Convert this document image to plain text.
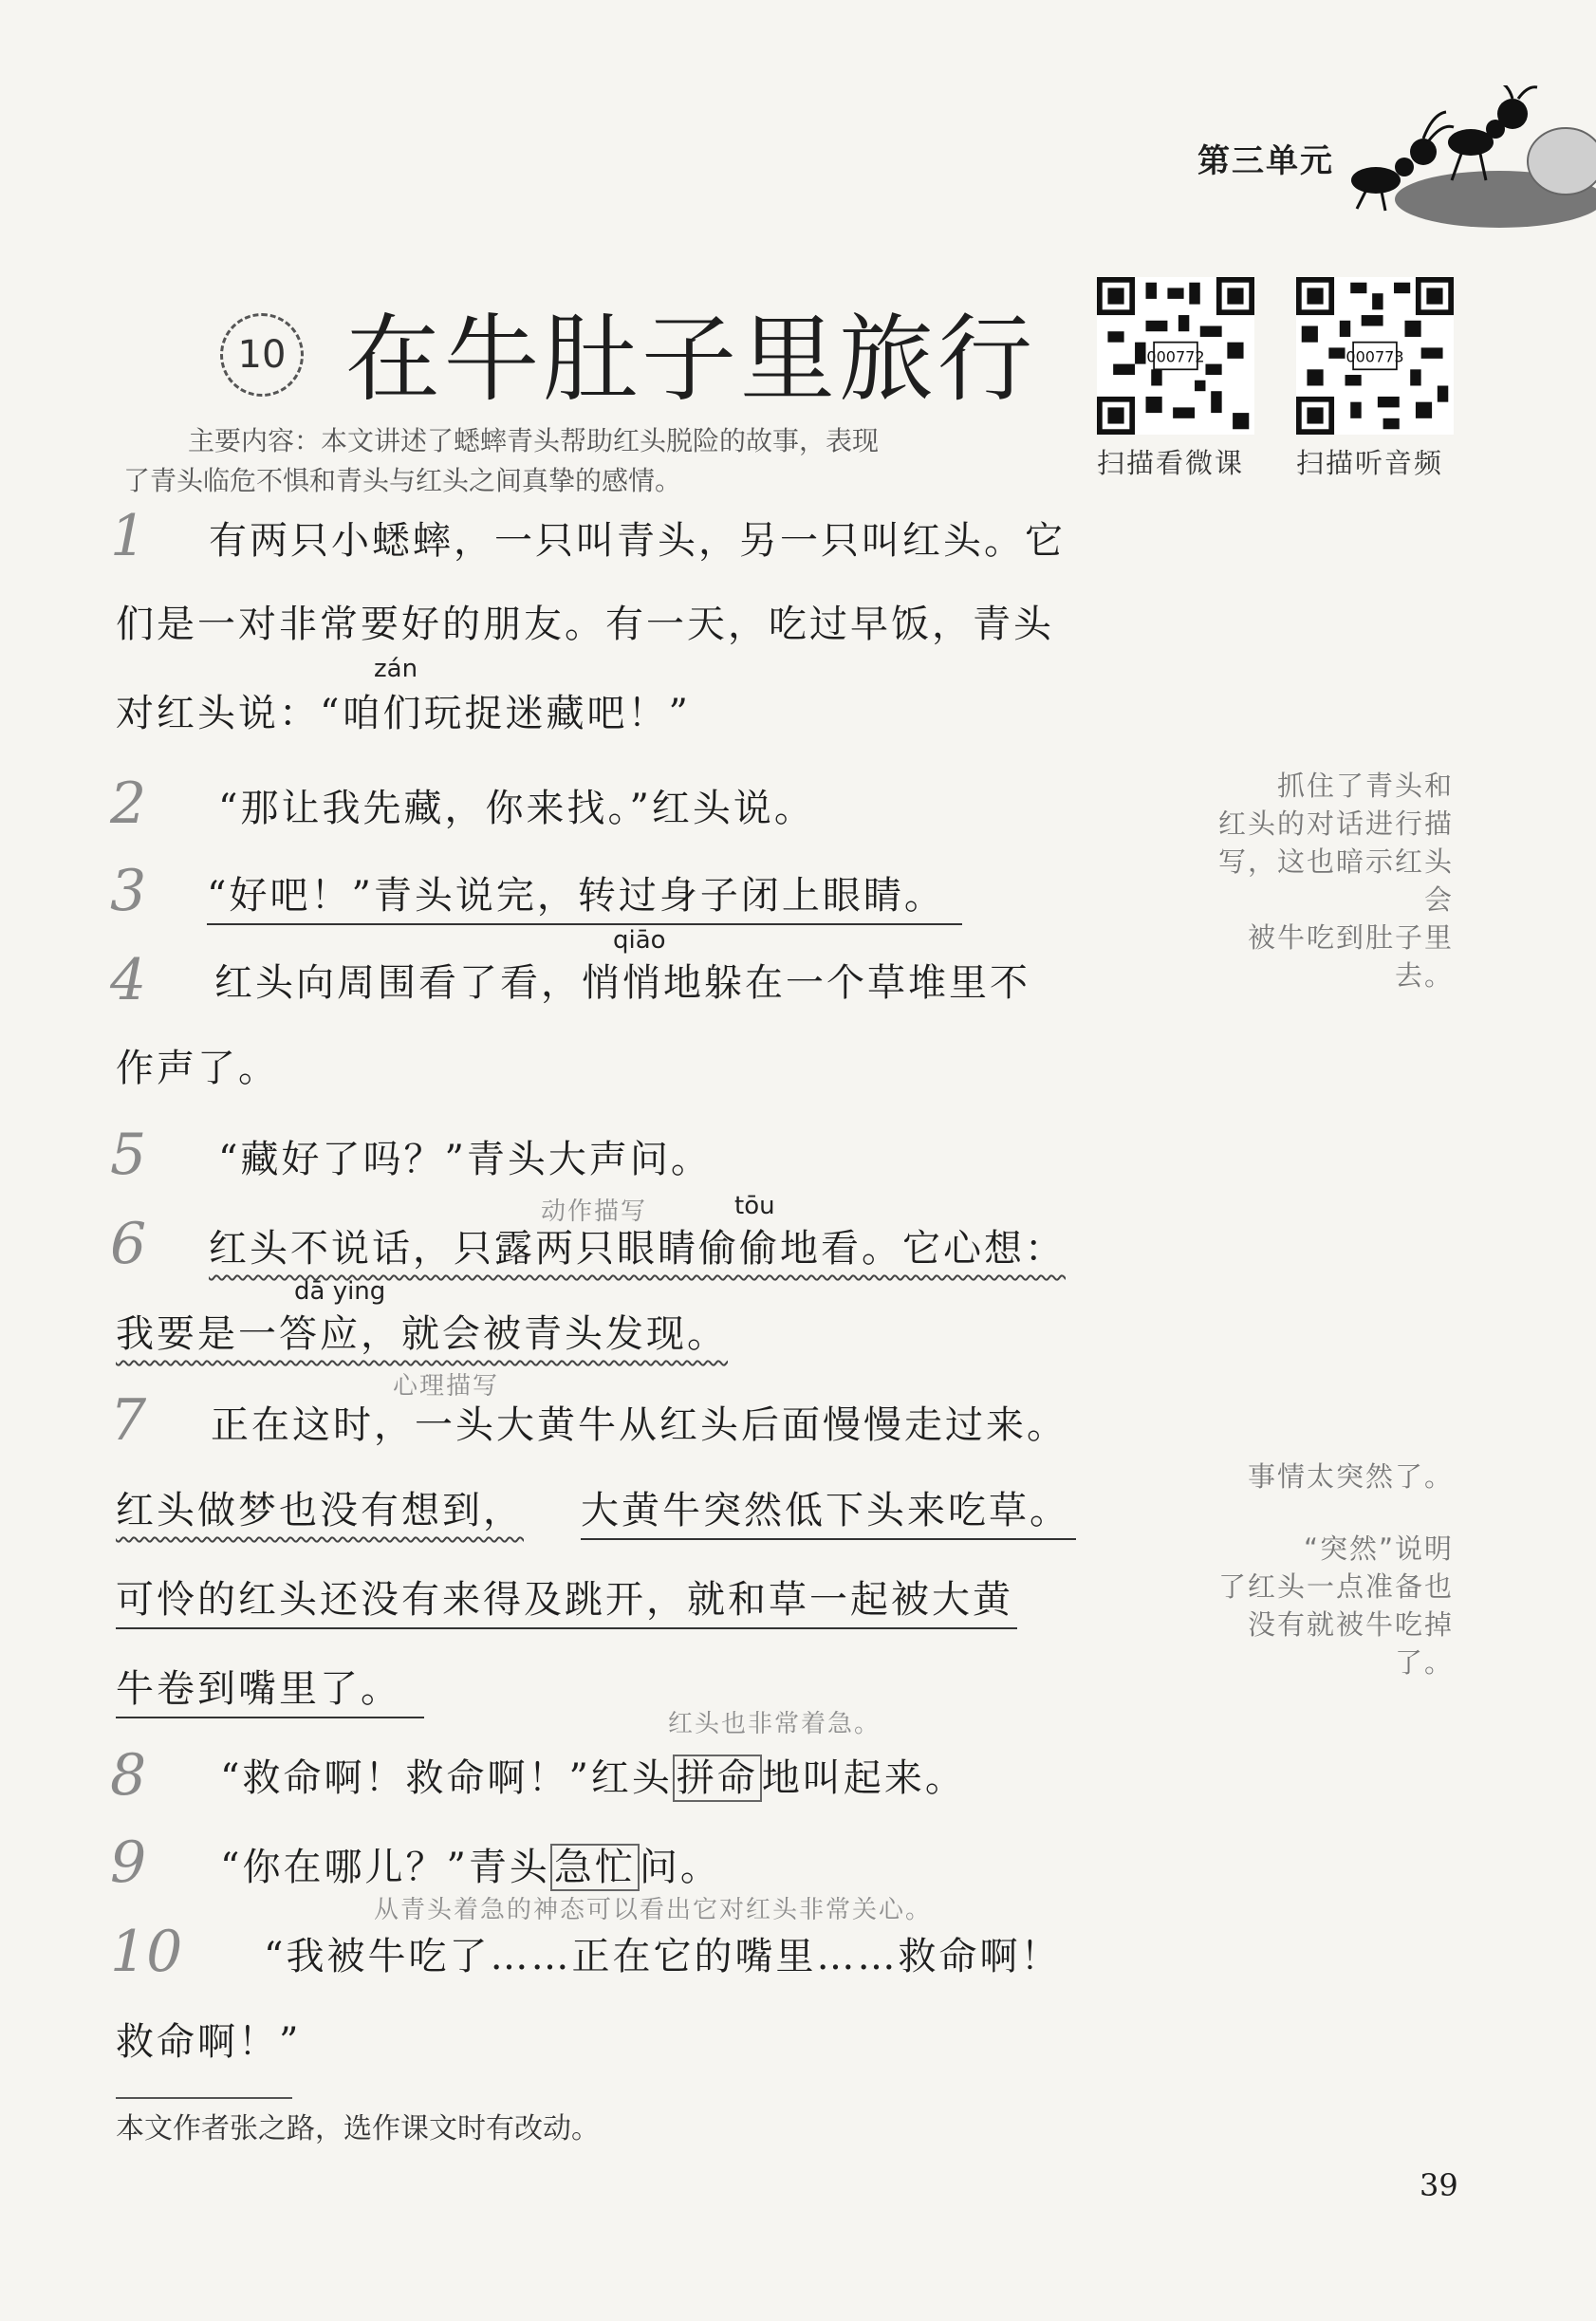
第三单元
10 在牛肚子里旅行	000772
扫描看微课
000773
扫描听音频
主要内容：本文讲述了蟋蟀青头帮助红头脱险的故事，表现
了青头临危不惧和青头与红头之间真挚的感情。
1 有两只小蟋蟀，一只叫青头，另一只叫红头。它
们是一对非常要好的朋友。有一天，吃过早饭，青头
zán
对红头说：“咱们玩捉迷藏吧！”
2 “那让我先藏，你来找。”红头说。
抓住了青头和
红头的对话进行描
写，这也暗示红头会
被牛吃到肚子里去。
3 “好吧！”青头说完，转过身子闭上眼睛。
qiāo
4 红头向周围看了看，悄悄地躲在一个草堆里不
作声了。
5 “藏好了吗？”青头大声问。
动作描写	tōu
6 红头不说话，只露两只眼睛偷偷地看。它心想：
dā ying
我要是一答应，就会被青头发现。
心理描写
7 正在这时，一头大黄牛从红头后面慢慢走过来。
红头做梦也没有想到， 大黄牛突然低下头来吃草。
可怜的红头还没有来得及跳开，就和草一起被大黄
牛卷到嘴里了。
事情太突然了。
“突然”说明
了红头一点准备也
没有就被牛吃掉了。
红头也非常着急。
8 “救命啊！救命啊！”红头 拼命 地叫起来。
9 “你在哪儿？”青头 急忙 问。
从青头着急的神态可以看出它对红头非常关心。
10 “我被牛吃了……正在它的嘴里……救命啊！
救命啊！”
本文作者张之路，选作课文时有改动。
39
